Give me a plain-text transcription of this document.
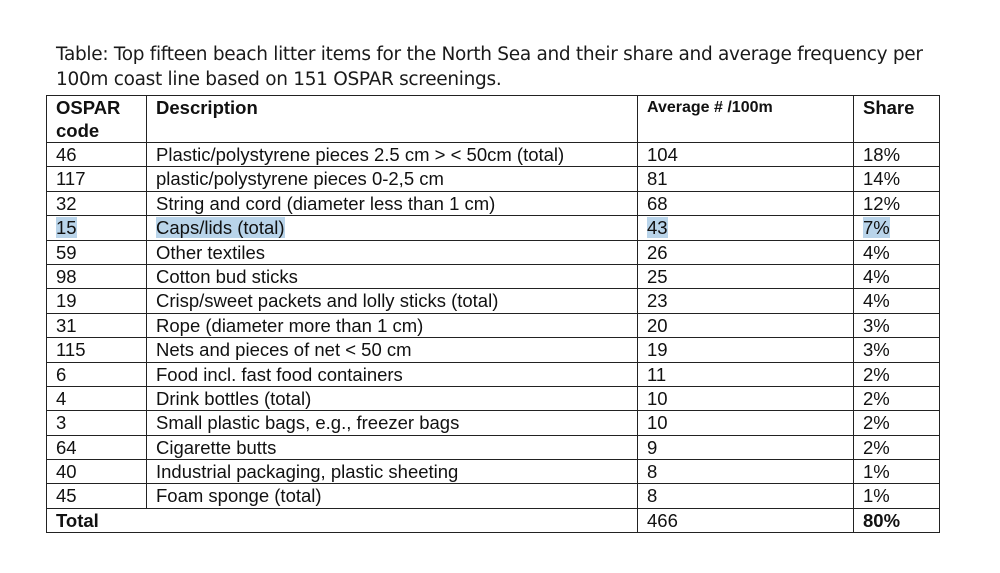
Table: Top fifteen beach litter items for the North Sea and their share and average frequency per
100m coast line based on 151 OSPAR screenings.
OSPAR
code	Description	Average # /100m	Share
46	Plastic/polystyrene pieces 2.5 cm > < 50cm (total)	104	18%
117	plastic/polystyrene pieces 0-2,5 cm	81	14%
32	String and cord (diameter less than 1 cm)	68	12%
15	Caps/lids (total)	43	7%
59	Other textiles	26	4%
98	Cotton bud sticks	25	4%
19	Crisp/sweet packets and lolly sticks (total)	23	4%
31	Rope (diameter more than 1 cm)	20	3%
115	Nets and pieces of net < 50 cm	19	3%
6	Food incl. fast food containers	11	2%
4	Drink bottles (total)	10	2%
3	Small plastic bags, e.g., freezer bags	10	2%
64	Cigarette butts	9	2%
40	Industrial packaging, plastic sheeting	8	1%
45	Foam sponge (total)	8	1%
Total		466	80%
